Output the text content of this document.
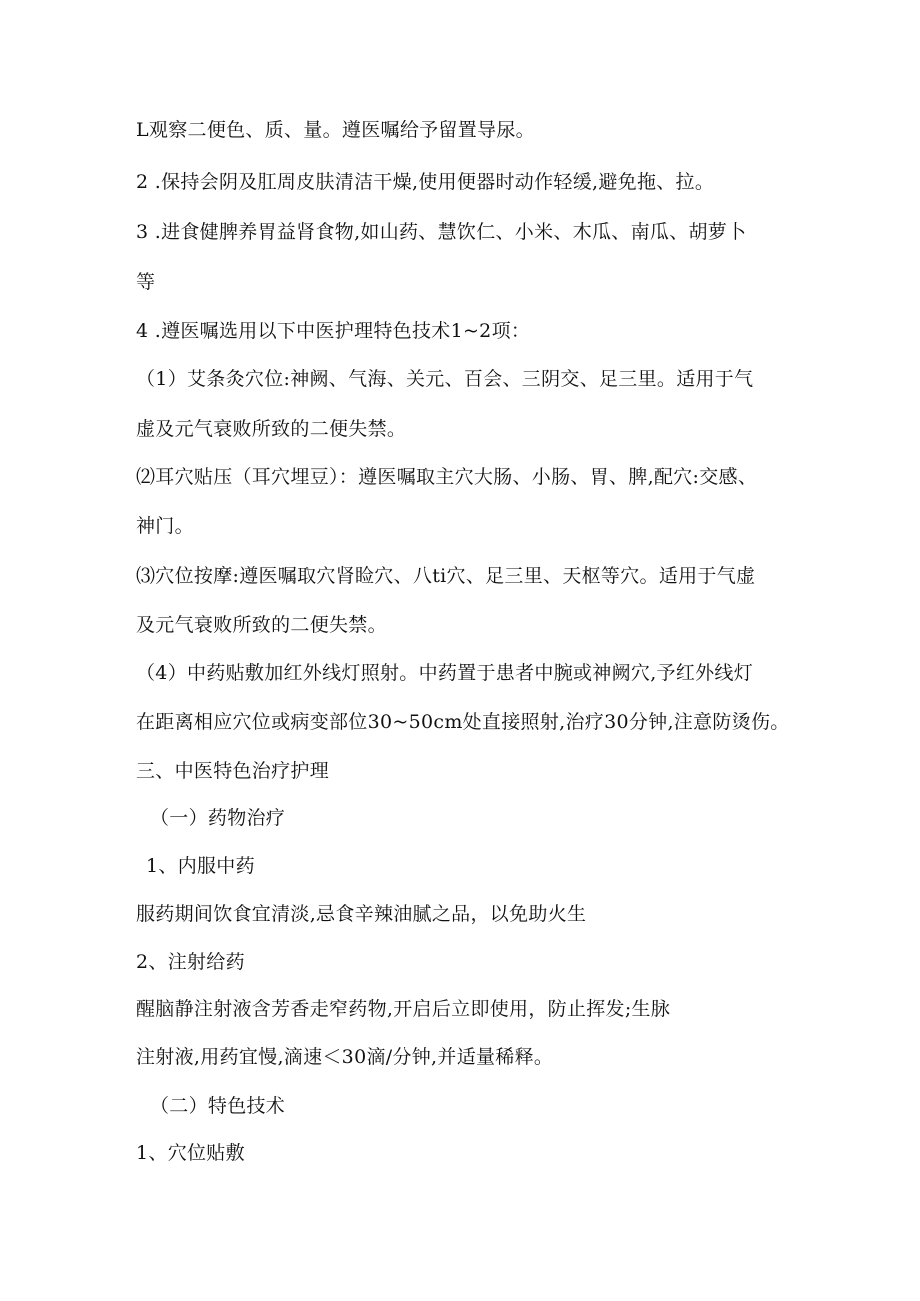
L观察二便色、质、量。遵医嘱给予留置导尿。
2 .保持会阴及肛周皮肤清洁干燥,使用便器时动作轻缓,避免拖、拉。
3 .进食健脾养胃益肾食物,如山药、慧饮仁、小米、木瓜、南瓜、胡萝卜
等
4 .遵医嘱选用以下中医护理特色技术1~2项：
（1）艾条灸穴位:神阙、气海、关元、百会、三阴交、足三里。适用于气
虚及元气衰败所致的二便失禁。
⑵耳穴贴压（耳穴埋豆）：遵医嘱取主穴大肠、小肠、胃、脾,配穴:交感、
神门。
⑶穴位按摩:遵医嘱取穴肾睑穴、八ti穴、足三里、天枢等穴。适用于气虚
及元气衰败所致的二便失禁。
（4）中药贴敷加红外线灯照射。中药置于患者中腕或神阙穴,予红外线灯
在距离相应穴位或病变部位30~50cm处直接照射,治疗30分钟,注意防烫伤。
三、中医特色治疗护理
（一）药物治疗
1、内服中药
服药期间饮食宜清淡,忌食辛辣油腻之品，以免助火生
2、注射给药
醒脑静注射液含芳香走窄药物,开启后立即使用，防止挥发;生脉
注射液,用药宜慢,滴速＜30滴/分钟,并适量稀释。
（二）特色技术
1、穴位贴敷
